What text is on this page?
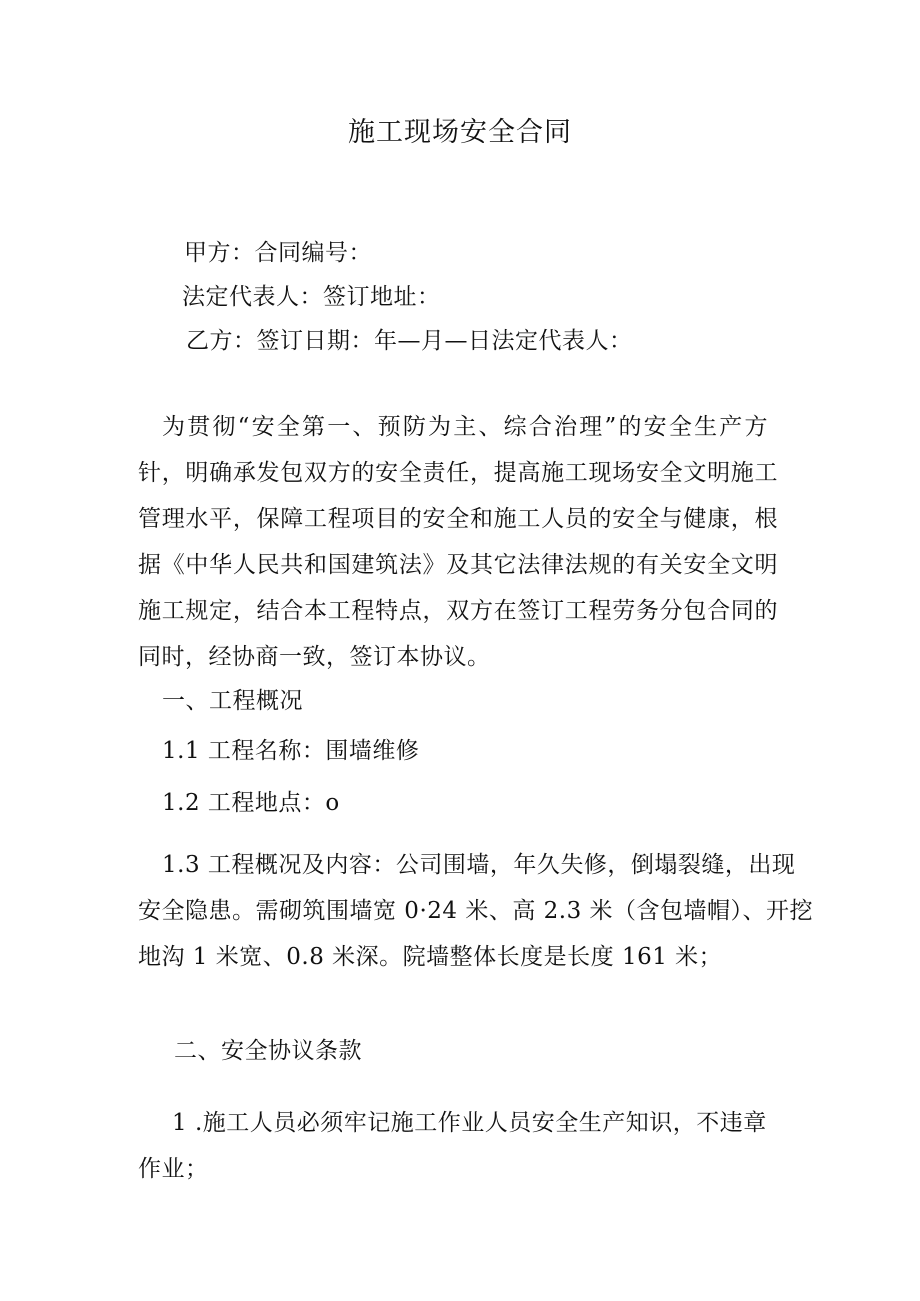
施工现场安全合同
甲方：合同编号：
法定代表人：签订地址：
乙方：签订日期：年—月—日法定代表人：
为贯彻“安全第一、预防为主、综合治理”的安全生产方
针，明确承发包双方的安全责任，提高施工现场安全文明施工
管理水平，保障工程项目的安全和施工人员的安全与健康，根
据《中华人民共和国建筑法》及其它法律法规的有关安全文明
施工规定，结合本工程特点，双方在签订工程劳务分包合同的
同时，经协商一致，签订本协议。
一、工程概况
1.1 工程名称：围墙维修
1.2 工程地点：o
1.3 工程概况及内容：公司围墙，年久失修，倒塌裂缝，出现
安全隐患。需砌筑围墙宽 0·24 米、高 2.3 米（含包墙帽）、开挖
地沟 1 米宽、0.8 米深。院墙整体长度是长度 161 米；
二、安全协议条款
1 .施工人员必须牢记施工作业人员安全生产知识，不违章
作业；
